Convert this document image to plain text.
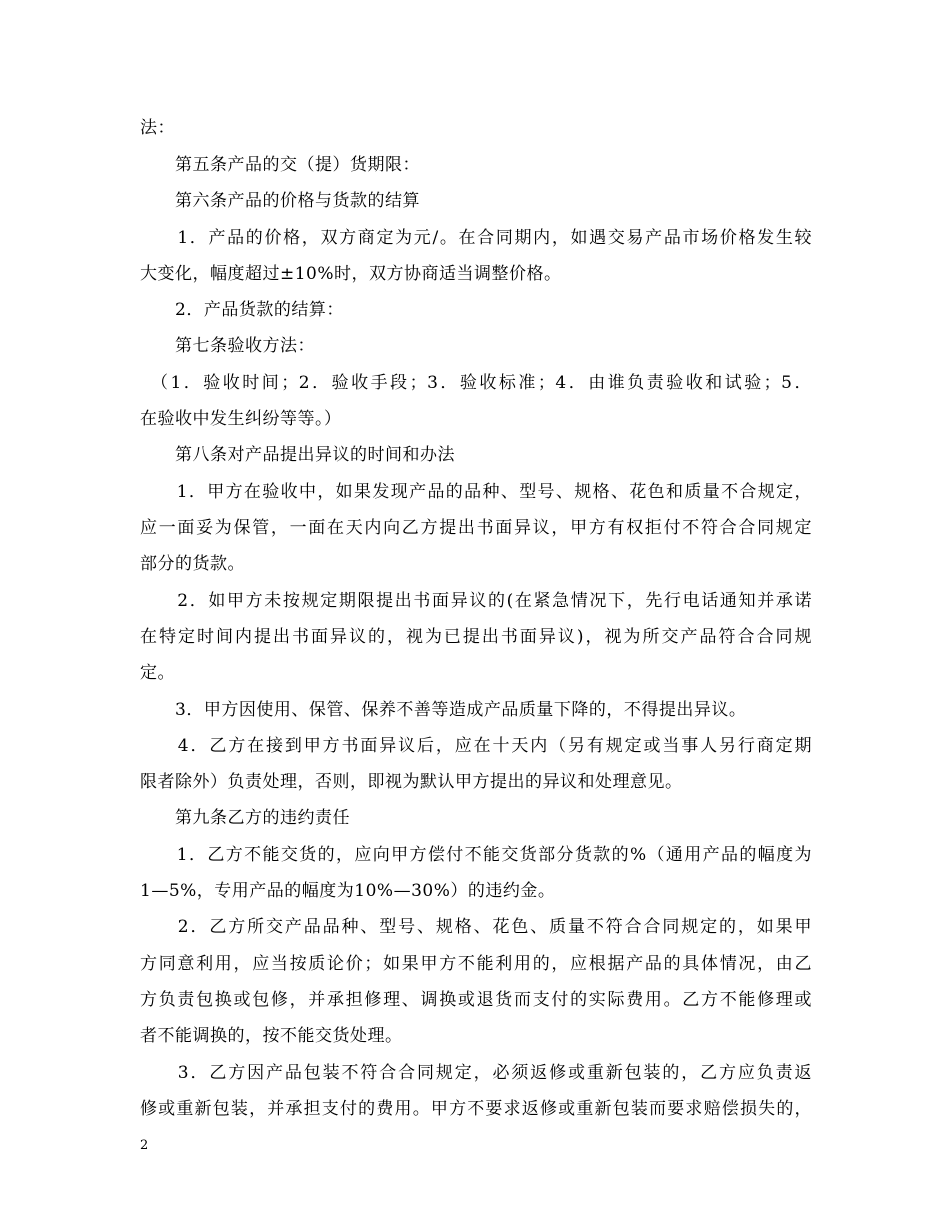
法：
　　第五条产品的交（提）货期限：
　　第六条产品的价格与货款的结算
　　1．产品的价格，双方商定为元/。在合同期内，如遇交易产品市场价格发生较
大变化，幅度超过±10%时，双方协商适当调整价格。
　　2．产品货款的结算：
　　第七条验收方法：
　（1．验收时间；2．验收手段；3．验收标准；4．由谁负责验收和试验；5．
在验收中发生纠纷等等。）
　　第八条对产品提出异议的时间和办法
　　1．甲方在验收中，如果发现产品的品种、型号、规格、花色和质量不合规定，
应一面妥为保管，一面在天内向乙方提出书面异议，甲方有权拒付不符合合同规定
部分的货款。
　　2．如甲方未按规定期限提出书面异议的(在紧急情况下，先行电话通知并承诺
在特定时间内提出书面异议的，视为已提出书面异议)，视为所交产品符合合同规
定。
　　3．甲方因使用、保管、保养不善等造成产品质量下降的，不得提出异议。
　　4．乙方在接到甲方书面异议后，应在十天内（另有规定或当事人另行商定期
限者除外）负责处理，否则，即视为默认甲方提出的异议和处理意见。
　　第九条乙方的违约责任
　　1．乙方不能交货的，应向甲方偿付不能交货部分货款的%（通用产品的幅度为
1—5%，专用产品的幅度为10%—30%）的违约金。
　　2．乙方所交产品品种、型号、规格、花色、质量不符合合同规定的，如果甲
方同意利用，应当按质论价；如果甲方不能利用的，应根据产品的具体情况，由乙
方负责包换或包修，并承担修理、调换或退货而支付的实际费用。乙方不能修理或
者不能调换的，按不能交货处理。
　　3．乙方因产品包装不符合合同规定，必须返修或重新包装的，乙方应负责返
修或重新包装，并承担支付的费用。甲方不要求返修或重新包装而要求赔偿损失的，
2
